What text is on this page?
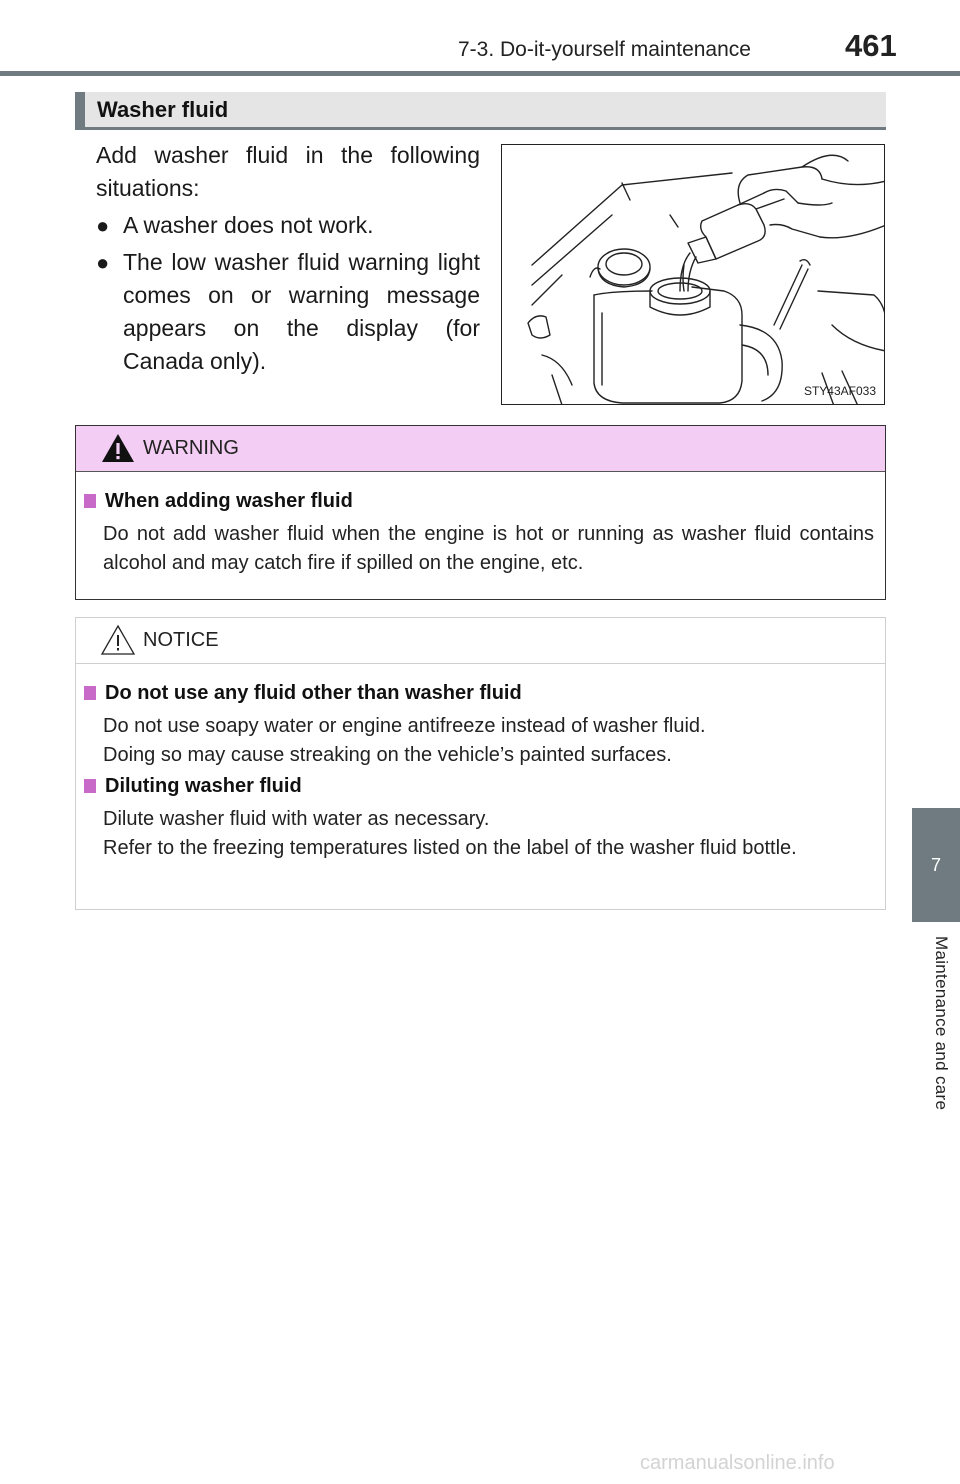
7-3. Do-it-yourself maintenance	461
7
Maintenance and care
Washer fluid

Add washer fluid in the following situations:

● A washer does not work.

● The low washer fluid warning light comes on or warning message appears on the display (for Canada only).

STY43AF033
WARNING
When adding washer fluid
Do not add washer fluid when the engine is hot or running as washer fluid contains alcohol and may catch fire if spilled on the engine, etc.
NOTICE
Do not use any fluid other than washer fluid
Do not use soapy water or engine antifreeze instead of washer fluid.
Doing so may cause streaking on the vehicle’s painted surfaces.
Diluting washer fluid
Dilute washer fluid with water as necessary.
Refer to the freezing temperatures listed on the label of the washer fluid bottle.
carmanualsonline.info
